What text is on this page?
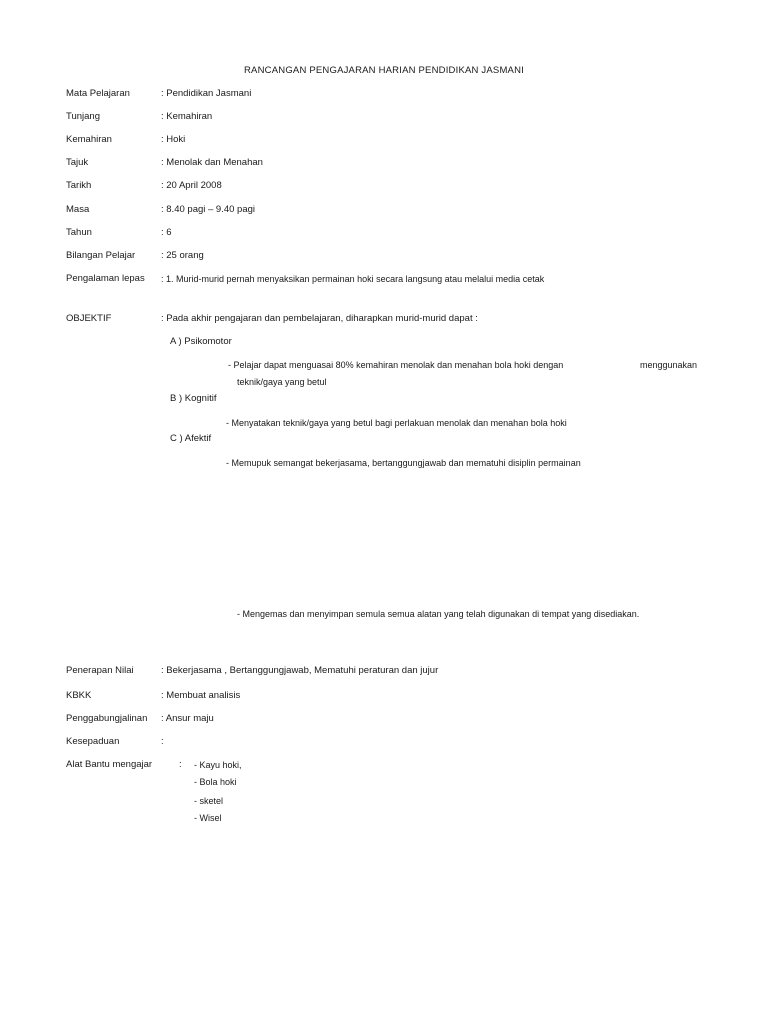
RANCANGAN PENGAJARAN HARIAN PENDIDIKAN JASMANI
Mata Pelajaran	: Pendidikan Jasmani
Tunjang	: Kemahiran
Kemahiran	: Hoki
Tajuk	: Menolak dan Menahan
Tarikh	: 20 April 2008
Masa	: 8.40 pagi – 9.40 pagi
Tahun	: 6
Bilangan Pelajar	: 25 orang
Pengalaman lepas : 1. Murid-murid pernah menyaksikan permainan hoki secara langsung atau melalui media cetak
OBJEKTIF	: Pada akhir pengajaran dan pembelajaran, diharapkan murid-murid dapat :
A ) Psikomotor
- Pelajar dapat menguasai 80% kemahiran menolak dan menahan bola hoki dengan	menggunakan
teknik/gaya yang betul
B ) Kognitif
- Menyatakan teknik/gaya yang betul bagi perlakuan menolak dan menahan bola hoki
C ) Afektif
- Memupuk semangat bekerjasama, bertanggungjawab dan mematuhi disiplin permainan
- Mengemas dan menyimpan semula semua alatan yang telah digunakan di tempat yang disediakan.
Penerapan Nilai	: Bekerjasama , Bertanggungjawab, Mematuhi peraturan dan jujur
KBKK	: Membuat analisis
Penggabungjalinan : Ansur maju
Kesepaduan	:
Alat Bantu mengajar	: - Kayu hoki,
- Bola hoki
- sketel
- Wisel
